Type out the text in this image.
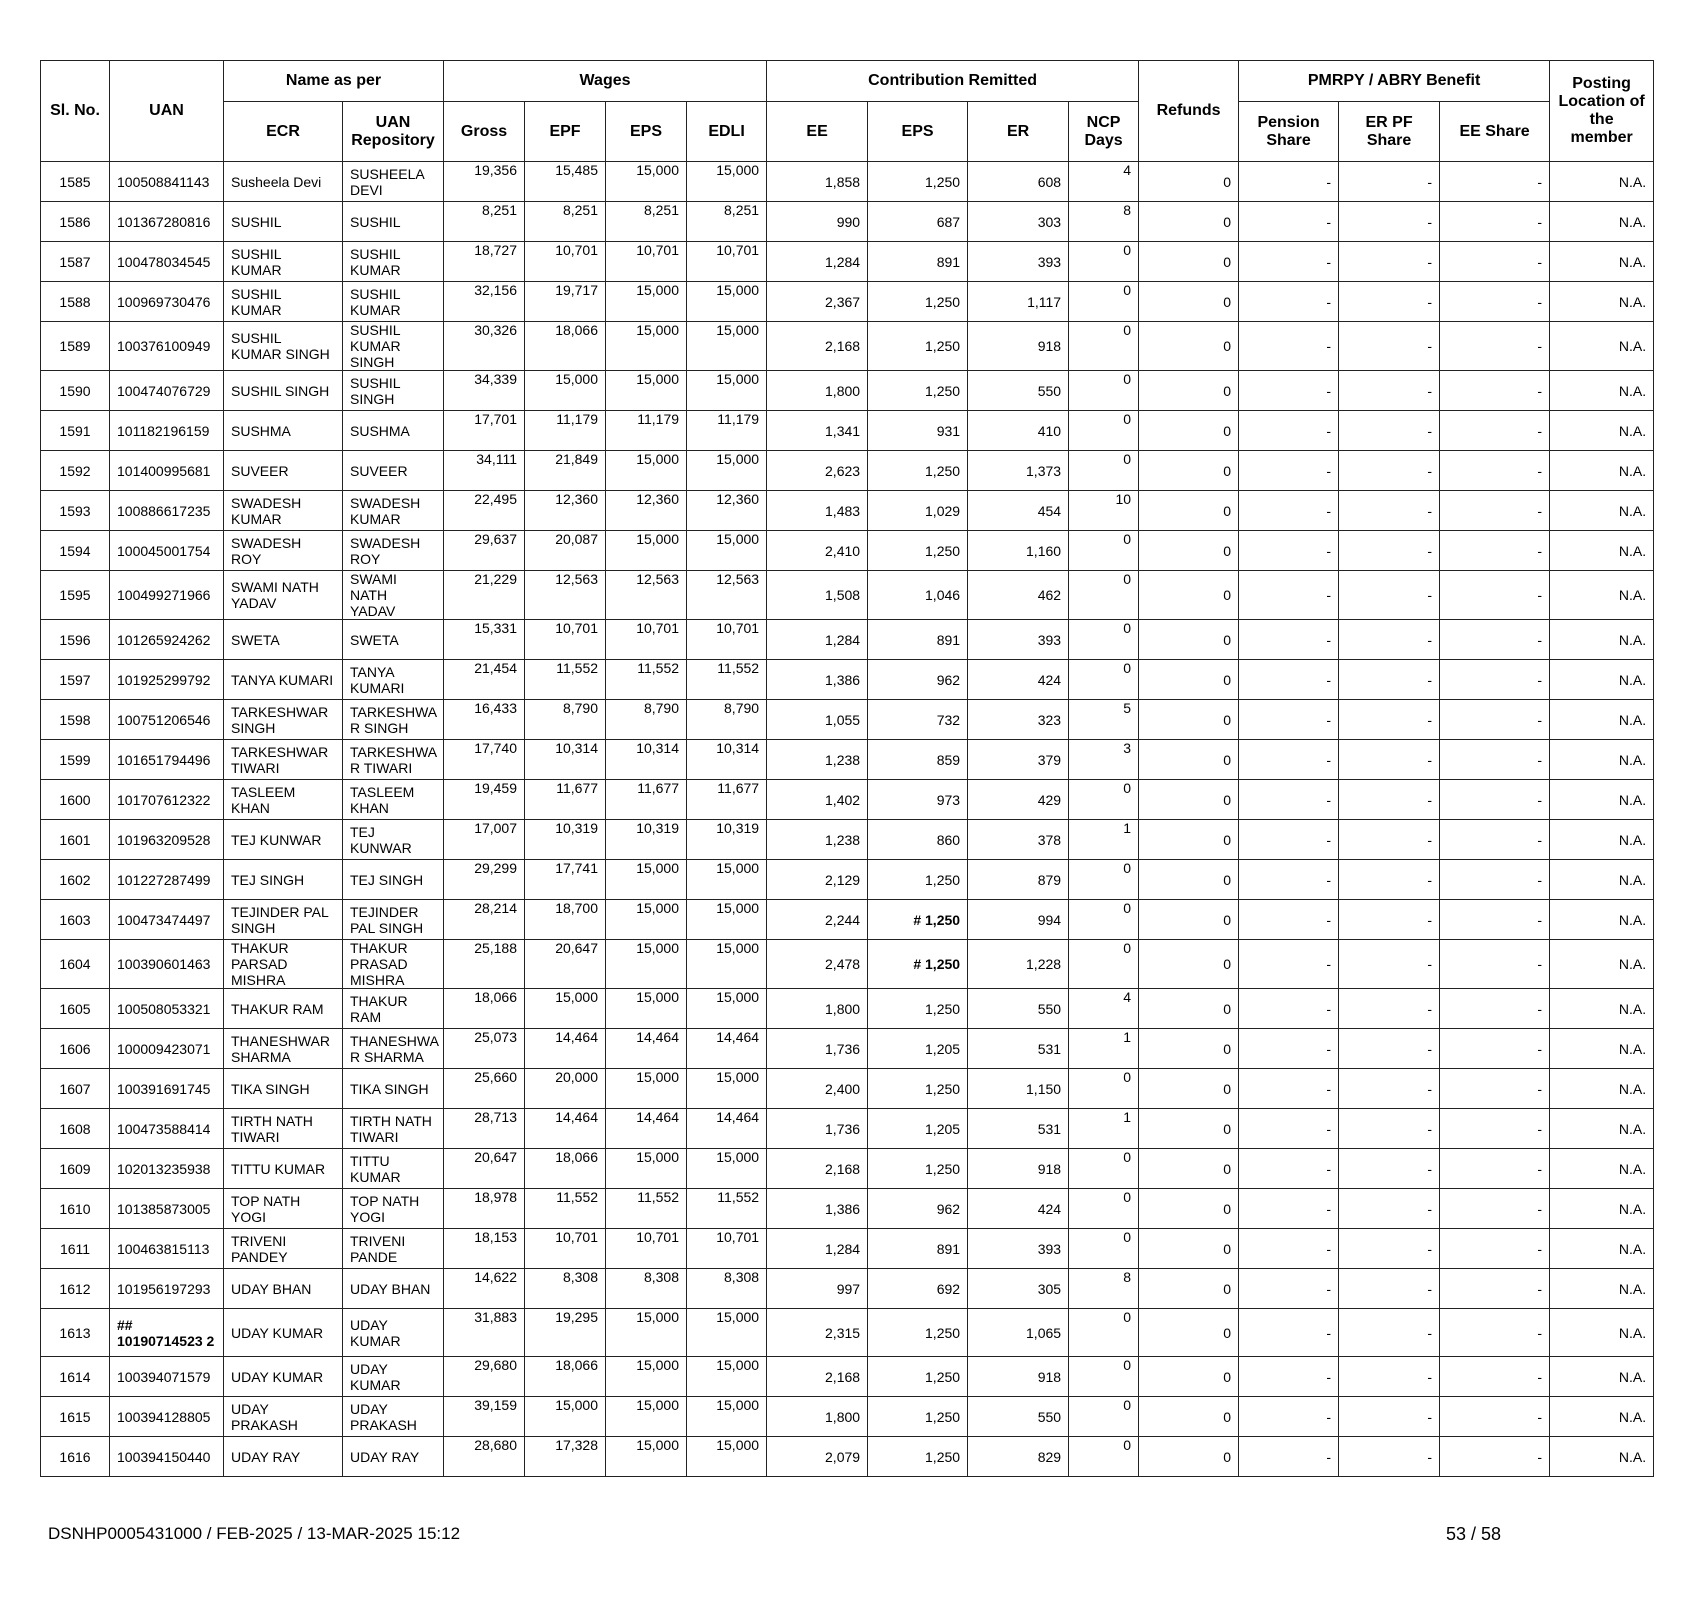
Sl. No.	UAN	Name as per		Wages				Contribution Remitted				Refunds	PMRPY / ABRY Benefit			Posting Location of the member
		ECR	UAN Repository	Gross	EPF	EPS	EDLI	EE	EPS	ER	NCP Days		Pension Share	ER PF Share	EE Share	
1585	100508841143	Susheela Devi	SUSHEELA DEVI	19,356	15,485	15,000	15,000	1,858	1,250	608	4	0	-	-	-	N.A.
1586	101367280816	SUSHIL	SUSHIL	8,251	8,251	8,251	8,251	990	687	303	8	0	-	-	-	N.A.
1587	100478034545	SUSHIL KUMAR	SUSHIL KUMAR	18,727	10,701	10,701	10,701	1,284	891	393	0	0	-	-	-	N.A.
1588	100969730476	SUSHIL KUMAR	SUSHIL KUMAR	32,156	19,717	15,000	15,000	2,367	1,250	1,117	0	0	-	-	-	N.A.
1589	100376100949	SUSHIL KUMAR SINGH	SUSHIL KUMAR SINGH	30,326	18,066	15,000	15,000	2,168	1,250	918	0	0	-	-	-	N.A.
1590	100474076729	SUSHIL SINGH	SUSHIL SINGH	34,339	15,000	15,000	15,000	1,800	1,250	550	0	0	-	-	-	N.A.
1591	101182196159	SUSHMA	SUSHMA	17,701	11,179	11,179	11,179	1,341	931	410	0	0	-	-	-	N.A.
1592	101400995681	SUVEER	SUVEER	34,111	21,849	15,000	15,000	2,623	1,250	1,373	0	0	-	-	-	N.A.
1593	100886617235	SWADESH KUMAR	SWADESH KUMAR	22,495	12,360	12,360	12,360	1,483	1,029	454	10	0	-	-	-	N.A.
1594	100045001754	SWADESH ROY	SWADESH ROY	29,637	20,087	15,000	15,000	2,410	1,250	1,160	0	0	-	-	-	N.A.
1595	100499271966	SWAMI NATH YADAV	SWAMI NATH YADAV	21,229	12,563	12,563	12,563	1,508	1,046	462	0	0	-	-	-	N.A.
1596	101265924262	SWETA	SWETA	15,331	10,701	10,701	10,701	1,284	891	393	0	0	-	-	-	N.A.
1597	101925299792	TANYA KUMARI	TANYA KUMARI	21,454	11,552	11,552	11,552	1,386	962	424	0	0	-	-	-	N.A.
1598	100751206546	TARKESHWAR SINGH	TARKESHWA R SINGH	16,433	8,790	8,790	8,790	1,055	732	323	5	0	-	-	-	N.A.
1599	101651794496	TARKESHWAR TIWARI	TARKESHWA R TIWARI	17,740	10,314	10,314	10,314	1,238	859	379	3	0	-	-	-	N.A.
1600	101707612322	TASLEEM KHAN	TASLEEM KHAN	19,459	11,677	11,677	11,677	1,402	973	429	0	0	-	-	-	N.A.
1601	101963209528	TEJ KUNWAR	TEJ KUNWAR	17,007	10,319	10,319	10,319	1,238	860	378	1	0	-	-	-	N.A.
1602	101227287499	TEJ SINGH	TEJ SINGH	29,299	17,741	15,000	15,000	2,129	1,250	879	0	0	-	-	-	N.A.
1603	100473474497	TEJINDER PAL SINGH	TEJINDER PAL SINGH	28,214	18,700	15,000	15,000	2,244	# 1,250	994	0	0	-	-	-	N.A.
1604	100390601463	THAKUR PARSAD MISHRA	THAKUR PRASAD MISHRA	25,188	20,647	15,000	15,000	2,478	# 1,250	1,228	0	0	-	-	-	N.A.
1605	100508053321	THAKUR RAM	THAKUR RAM	18,066	15,000	15,000	15,000	1,800	1,250	550	4	0	-	-	-	N.A.
1606	100009423071	THANESHWAR SHARMA	THANESHWA R SHARMA	25,073	14,464	14,464	14,464	1,736	1,205	531	1	0	-	-	-	N.A.
1607	100391691745	TIKA SINGH	TIKA SINGH	25,660	20,000	15,000	15,000	2,400	1,250	1,150	0	0	-	-	-	N.A.
1608	100473588414	TIRTH NATH TIWARI	TIRTH NATH TIWARI	28,713	14,464	14,464	14,464	1,736	1,205	531	1	0	-	-	-	N.A.
1609	102013235938	TITTU KUMAR	TITTU KUMAR	20,647	18,066	15,000	15,000	2,168	1,250	918	0	0	-	-	-	N.A.
1610	101385873005	TOP NATH YOGI	TOP NATH YOGI	18,978	11,552	11,552	11,552	1,386	962	424	0	0	-	-	-	N.A.
1611	100463815113	TRIVENI PANDEY	TRIVENI PANDE	18,153	10,701	10,701	10,701	1,284	891	393	0	0	-	-	-	N.A.
1612	101956197293	UDAY BHAN	UDAY BHAN	14,622	8,308	8,308	8,308	997	692	305	8	0	-	-	-	N.A.
1613	## 10190714523 2	UDAY KUMAR	UDAY KUMAR	31,883	19,295	15,000	15,000	2,315	1,250	1,065	0	0	-	-	-	N.A.
1614	100394071579	UDAY KUMAR	UDAY KUMAR	29,680	18,066	15,000	15,000	2,168	1,250	918	0	0	-	-	-	N.A.
1615	100394128805	UDAY PRAKASH	UDAY PRAKASH	39,159	15,000	15,000	15,000	1,800	1,250	550	0	0	-	-	-	N.A.
1616	100394150440	UDAY RAY	UDAY RAY	28,680	17,328	15,000	15,000	2,079	1,250	829	0	0	-	-	-	N.A.
DSNHP0005431000 / FEB-2025 / 13-MAR-2025 15:12	53 / 58
